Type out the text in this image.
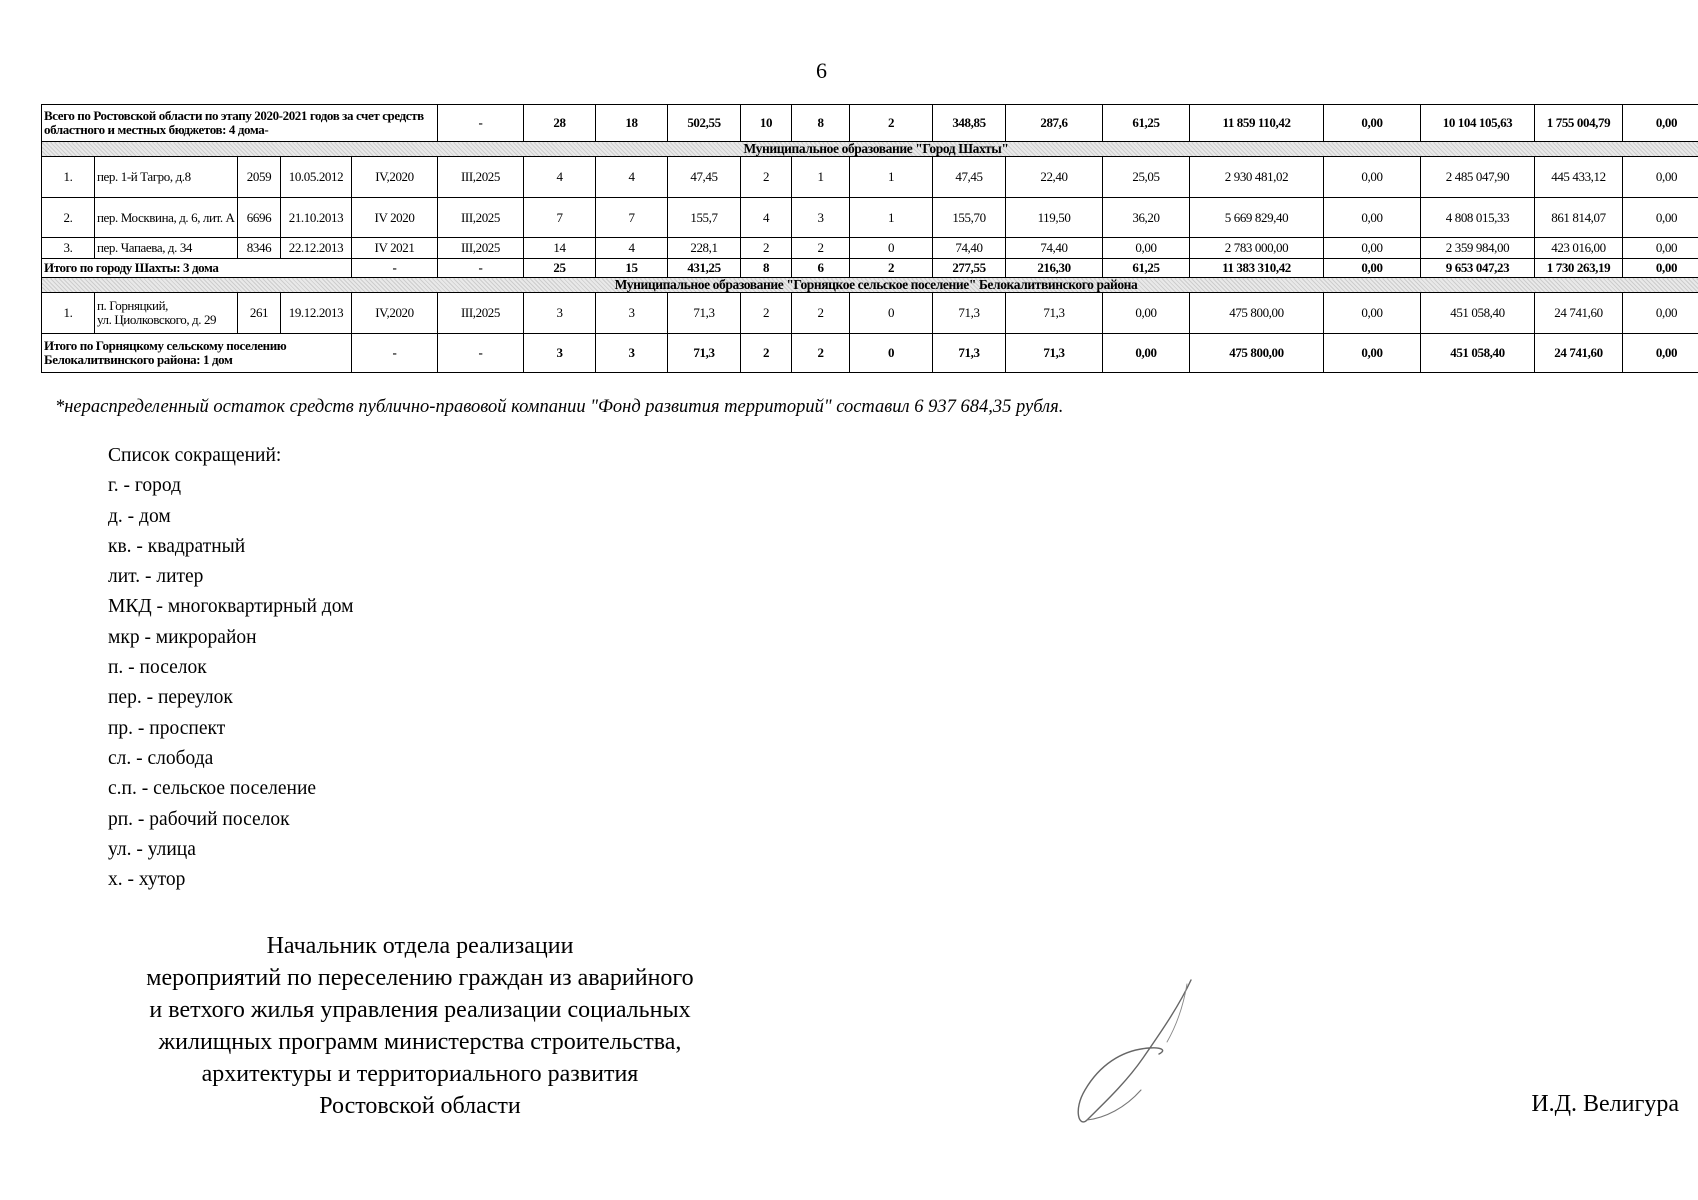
6
Всего по Ростовской области по этапу 2020-2021 годов за счет средств областного и местных бюджетов: 4 дома-					-	28	18	502,55	10	8	2	348,85	287,6	61,25	11 859 110,42	0,00	10 104 105,63	1 755 004,79	0,00
Муниципальное образование "Город Шахты"																			
1.	пер. 1-й Тагро, д.8	2059	10.05.2012	IV,2020	III,2025	4	4	47,45	2	1	1	47,45	22,40	25,05	2 930 481,02	0,00	2 485 047,90	445 433,12	0,00
2.	пер. Москвина, д. 6, лит. А	6696	21.10.2013	IV 2020	III,2025	7	7	155,7	4	3	1	155,70	119,50	36,20	5 669 829,40	0,00	4 808 015,33	861 814,07	0,00
3.	пер. Чапаева, д. 34	8346	22.12.2013	IV 2021	III,2025	14	4	228,1	2	2	0	74,40	74,40	0,00	2 783 000,00	0,00	2 359 984,00	423 016,00	0,00
Итого по городу Шахты: 3 дома				-	-	25	15	431,25	8	6	2	277,55	216,30	61,25	11 383 310,42	0,00	9 653 047,23	1 730 263,19	0,00
Муниципальное образование "Горняцкое сельское поселение" Белокалитвинского района																			
1.	п. Горняцкий,
ул. Циолковского, д. 29	261	19.12.2013	IV,2020	III,2025	3	3	71,3	2	2	0	71,3	71,3	0,00	475 800,00	0,00	451 058,40	24 741,60	0,00

Итого по Горняцкому сельскому поселению
Белокалитвинского района: 1 дом				-	-	3	3	71,3	2	2	0	71,3	71,3	0,00	475 800,00	0,00	451 058,40	24 741,60	0,00
*нераспределенный остаток средств публично-правовой компании "Фонд развития территорий" составил 6 937 684,35 рубля.
Список сокращений:
г. - город
д. - дом
кв. - квадратный
лит. - литер
МКД - многоквартирный дом
мкр - микрорайон
п. - поселок
пер. - переулок
пр. - проспект
сл. - слобода
с.п. - сельское поселение
рп. - рабочий поселок
ул. - улица
х. - хутор
Начальник отдела реализации
мероприятий по переселению граждан из аварийного
и ветхого жилья управления реализации социальных
жилищных программ министерства строительства,
архитектуры и территориального развития
Ростовской области	И.Д. Велигура
